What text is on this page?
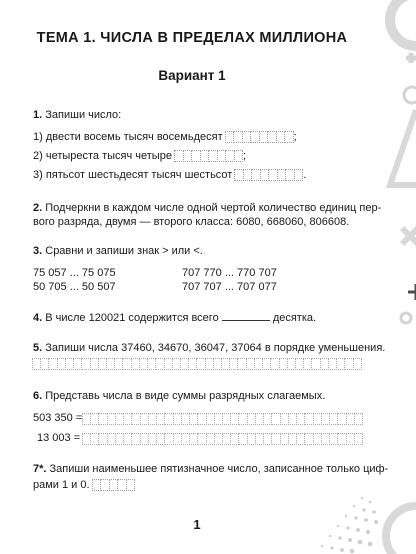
ТЕМА 1. ЧИСЛА В ПРЕДЕЛАХ МИЛЛИОНА
Вариант 1
1. Запиши число:
1) двести восемь тысяч восемьдесят	;
2) четыреста тысяч четыре	;
3) пятьсот шестьдесят тысяч шестьсот	.
2. Подчеркни в каждом числе одной чертой количество единиц пер-
вого разряда, двумя — второго класса: 6080, 668060, 806608.
3. Сравни и запиши знак > или <.
75 057 ... 75 075	707 770 ... 770 707
50 705 ... 50 507	707 707 ... 707 077
4. В числе 120021 содержится всего	десятка.
5. Запиши числа 37460, 34670, 36047, 37064 в порядке уменьшения.
6. Представь числа в виде суммы разрядных слагаемых.
503 350 =
13 003 =
7*. Запиши наименьшее пятизначное число, записанное только циф-
рами 1 и 0.
1
